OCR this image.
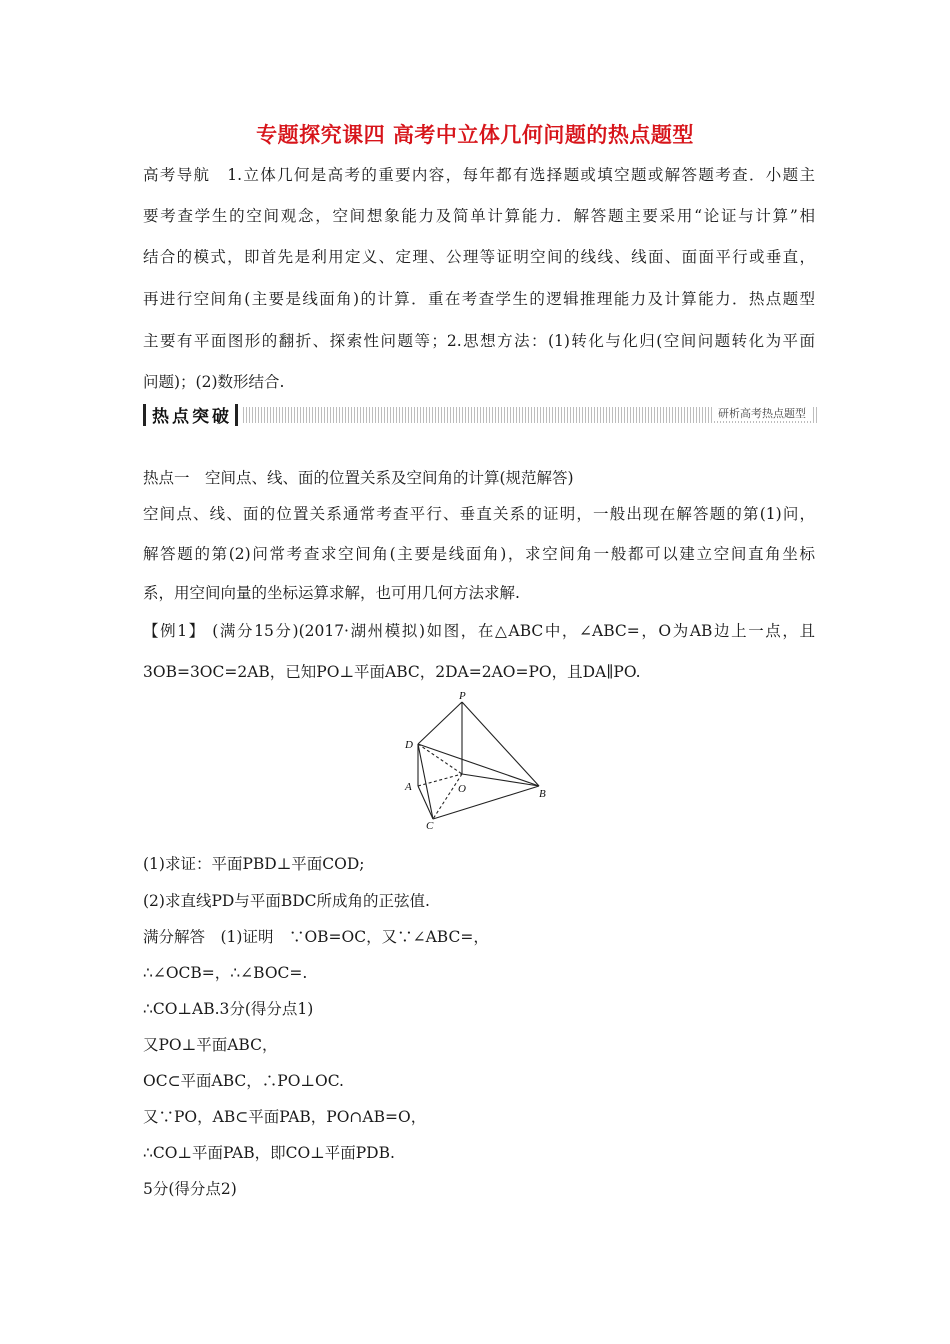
专题探究课四 高考中立体几何问题的热点题型
高考导航　1.立体几何是高考的重要内容，每年都有选择题或填空题或解答题考查．小题主
要考查学生的空间观念，空间想象能力及简单计算能力．解答题主要采用“论证与计算”相
结合的模式，即首先是利用定义、定理、公理等证明空间的线线、线面、面面平行或垂直，
再进行空间角(主要是线面角)的计算．重在考查学生的逻辑推理能力及计算能力．热点题型
主要有平面图形的翻折、探索性问题等；2.思想方法：(1)转化与化归(空间问题转化为平面
问题)；(2)数形结合.
热点突破	研析高考热点题型
热点一　空间点、线、面的位置关系及空间角的计算(规范解答)
空间点、线、面的位置关系通常考查平行、垂直关系的证明，一般出现在解答题的第(1)问，
解答题的第(2)问常考查求空间角(主要是线面角)，求空间角一般都可以建立空间直角坐标
系，用空间向量的坐标运算求解，也可用几何方法求解.
【例1】 (满分15分)(2017·湖州模拟)如图，在△ABC中，∠ABC=，O为AB边上一点，且
3OB=3OC=2AB，已知PO⊥平面ABC，2DA=2AO=PO，且DA∥PO.
P
D
A	O	B
C
(1)求证：平面PBD⊥平面COD;
(2)求直线PD与平面BDC所成角的正弦值.
满分解答　(1)证明　∵OB=OC，又∵∠ABC=，
∴∠OCB=，∴∠BOC=.
∴CO⊥AB.3分(得分点1)
又PO⊥平面ABC，
OC⊂平面ABC，∴PO⊥OC.
又∵PO，AB⊂平面PAB，PO∩AB=O，
∴CO⊥平面PAB，即CO⊥平面PDB.
5分(得分点2)
